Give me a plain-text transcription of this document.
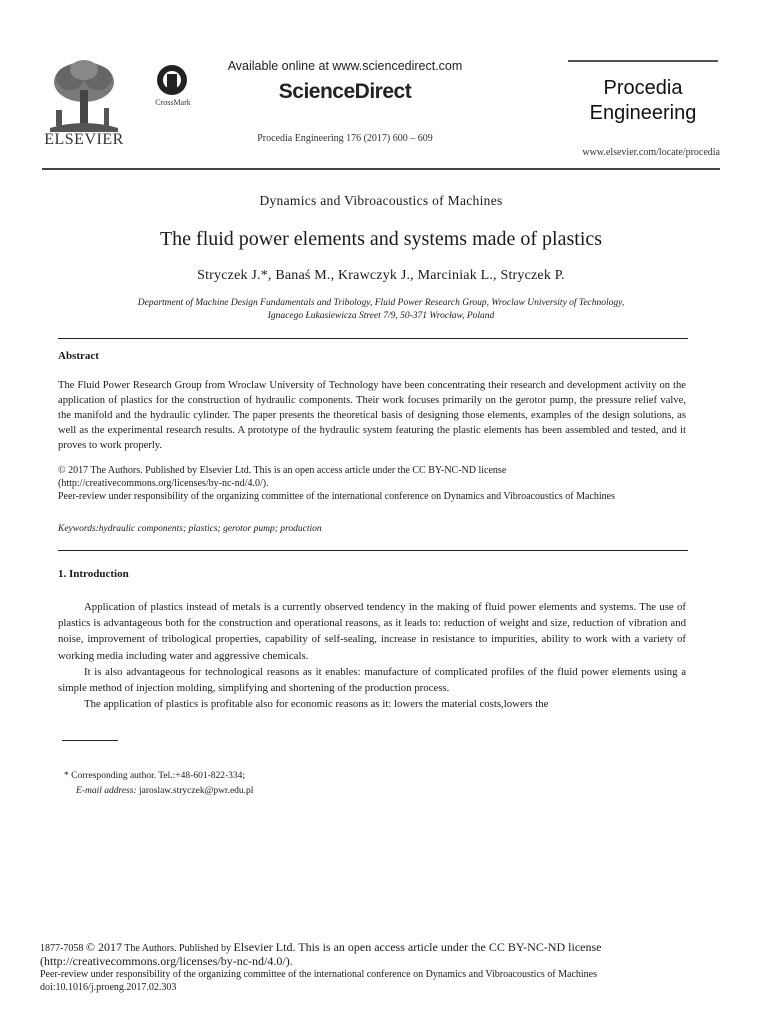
ELSEVIER
CrossMark
Available online at www.sciencedirect.com
ScienceDirect
Procedia Engineering 176 (2017) 600 – 609
Procedia
Engineering
www.elsevier.com/locate/procedia
Dynamics and Vibroacoustics of Machines
The fluid power elements and systems made of plastics
Stryczek J.*, Banaś M., Krawczyk J., Marciniak L., Stryczek P.
Department of Machine Design Fundamentals and Tribology, Fluid Power Research Group, Wroclaw University of Technology,
Ignacego Łukasiewicza Street 7/9, 50-371 Wrocław, Poland
Abstract
The Fluid Power Research Group from Wroclaw University of Technology have been concentrating their research and development activity on the application of plastics for the construction of hydraulic components. Their work focuses primarily on the gerotor pump, the pressure relief valve, the manifold and the hydraulic cylinder. The paper presents the theoretical basis of designing those elements, examples of the design solutions, as well as the experimental research results. A prototype of the hydraulic system featuring the plastic elements has been assembled and tested, and it proves to work properly.
© 2017 The Authors. Published by Elsevier Ltd. This is an open access article under the CC BY-NC-ND license
(http://creativecommons.org/licenses/by-nc-nd/4.0/).
Peer-review under responsibility of the organizing committee of the international conference on Dynamics and Vibroacoustics of Machines
Keywords:hydraulic components; plastics; gerotor pump; production
1. Introduction

Application of plastics instead of metals is a currently observed tendency in the making of fluid power elements and systems. The use of plastics is advantageous both for the construction and operational reasons, as it leads to: reduction of weight and size, reduction of vibration and noise, improvement of tribological properties, capability of self-sealing, increase in resistance to impurities, ability to work with a variety of working media including water and aggressive chemicals.

It is also advantageous for technological reasons as it enables: manufacture of complicated profiles of the fluid power elements using a simple method of injection molding, simplifying and shortening of the production process.

The application of plastics is profitable also for economic reasons as it: lowers the material costs,lowers the

* Corresponding author. Tel.:+48-601-822-334;
E-mail address: jaroslaw.stryczek@pwr.edu.pl
1877-7058 © 2017 The Authors. Published by Elsevier Ltd. This is an open access article under the CC BY-NC-ND license
(http://creativecommons.org/licenses/by-nc-nd/4.0/).
Peer-review under responsibility of the organizing committee of the international conference on Dynamics and Vibroacoustics of Machines
doi:10.1016/j.proeng.2017.02.303
